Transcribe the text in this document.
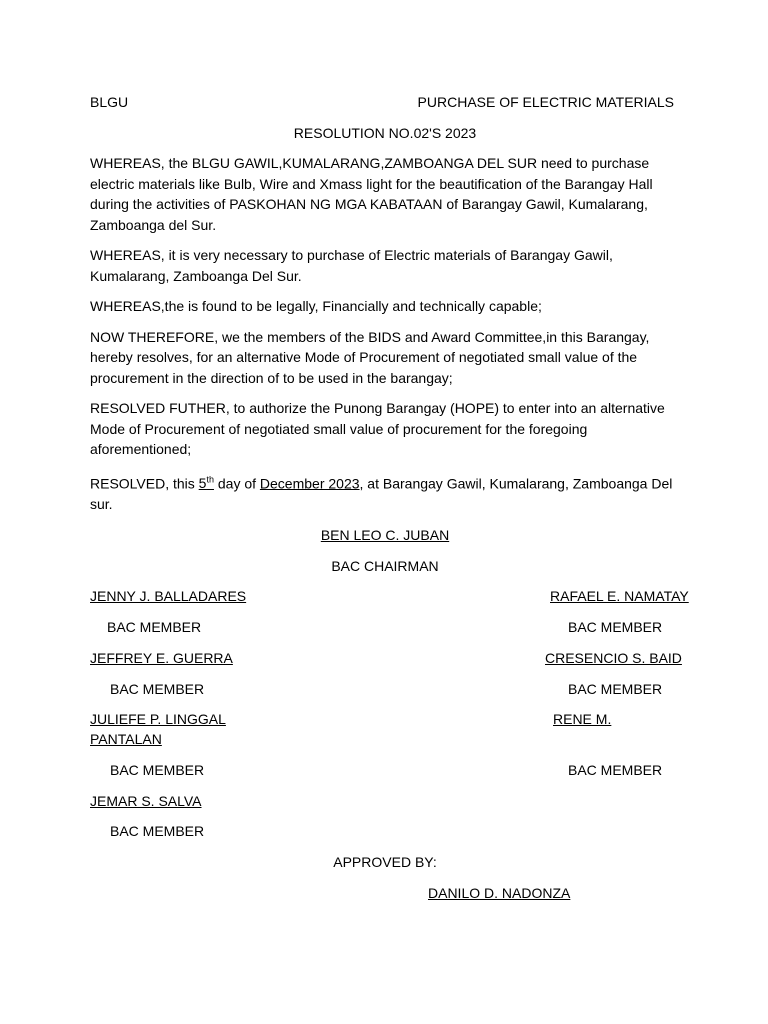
BLGU	PURCHASE OF ELECTRIC MATERIALS
RESOLUTION NO.02'S 2023

WHEREAS, the BLGU GAWIL,KUMALARANG,ZAMBOANGA DEL SUR need to purchase electric materials like Bulb, Wire and Xmass light for the beautification of the Barangay Hall during the activities of PASKOHAN NG MGA KABATAAN of Barangay Gawil, Kumalarang, Zamboanga del Sur.

WHEREAS, it is very necessary to purchase of Electric materials of Barangay Gawil, Kumalarang, Zamboanga Del Sur.

WHEREAS,the is found to be legally, Financially and technically capable;

NOW THEREFORE, we the members of the BIDS and Award Committee,in this Barangay, hereby resolves, for an alternative Mode of Procurement of negotiated small value of the procurement in the direction of to be used in the barangay;

RESOLVED FUTHER, to authorize the Punong Barangay (HOPE) to enter into an alternative Mode of Procurement of negotiated small value of procurement for the foregoing aforementioned;

RESOLVED, this 5th day of December 2023, at Barangay Gawil, Kumalarang, Zamboanga Del sur.

BEN LEO C. JUBAN
BAC CHAIRMAN
JENNY J. BALLADARES	RAFAEL E. NAMATAY
BAC MEMBER	BAC MEMBER
JEFFREY E. GUERRA	CRESENCIO S. BAID
BAC MEMBER	BAC MEMBER
JULIEFE P. LINGGAL	RENE M.
PANTALAN
BAC MEMBER	BAC MEMBER
JEMAR S. SALVA
BAC MEMBER
APPROVED BY:
DANILO D. NADONZA
